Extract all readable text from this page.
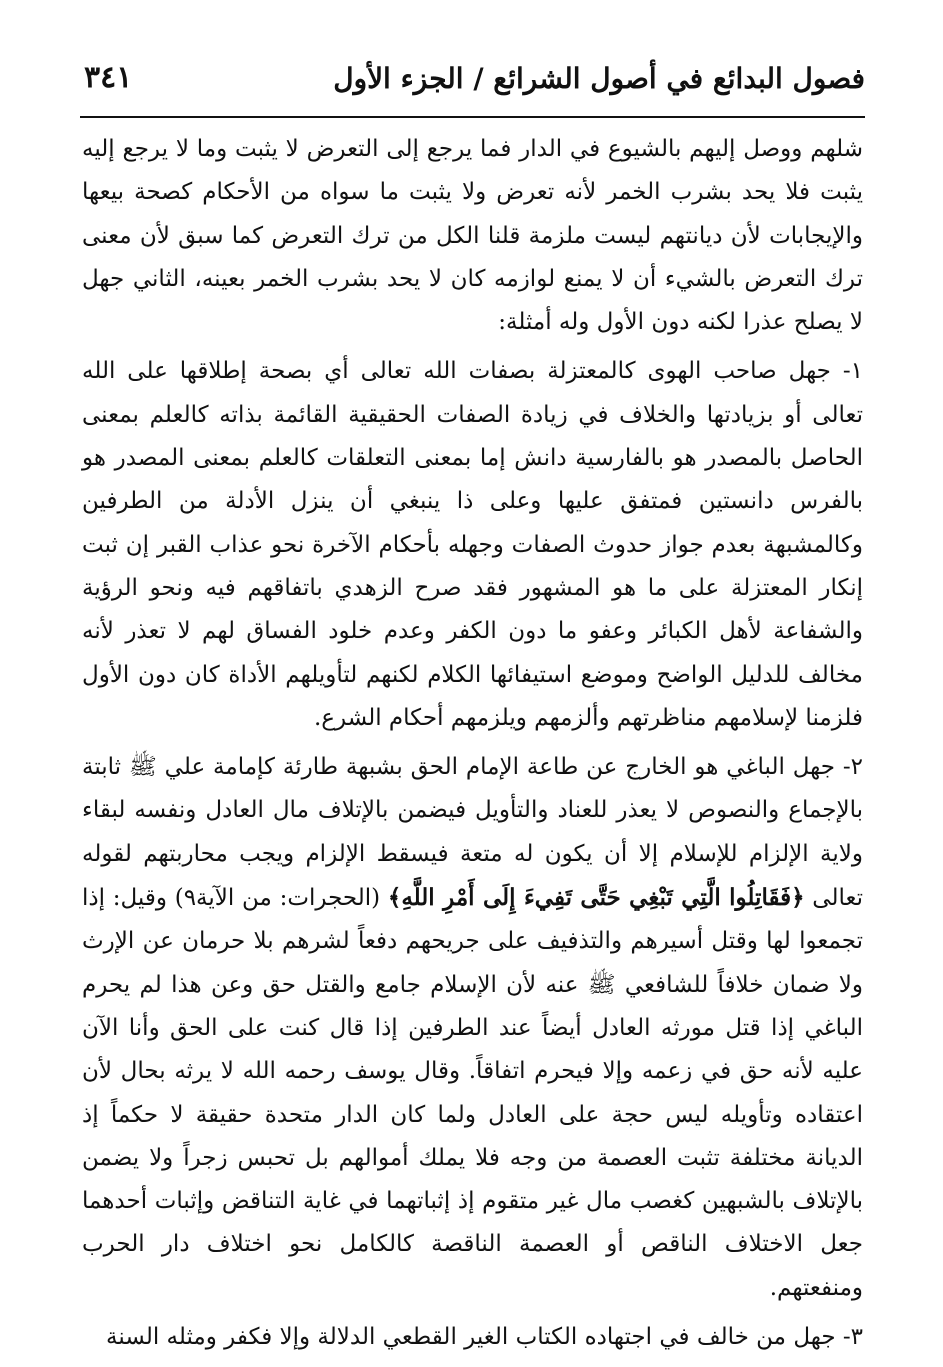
فصول البدائع في أصول الشرائع / الجزء الأول
٣٤١

شلهم ووصل إليهم بالشيوع في الدار فما يرجع إلى التعرض لا يثبت وما لا يرجع إليه يثبت فلا يحد بشرب الخمر لأنه تعرض ولا يثبت ما سواه من الأحكام كصحة بيعها والإيجابات لأن ديانتهم ليست ملزمة قلنا الكل من ترك التعرض كما سبق لأن معنى ترك التعرض بالشيء أن لا يمنع لوازمه كان لا يحد بشرب الخمر بعينه، الثاني جهل لا يصلح عذرا لكنه دون الأول وله أمثلة:

١- جهل صاحب الهوى كالمعتزلة بصفات الله تعالى أي بصحة إطلاقها على الله تعالى أو بزيادتها والخلاف في زيادة الصفات الحقيقية القائمة بذاته كالعلم بمعنى الحاصل بالمصدر هو بالفارسية دانش إما بمعنى التعلقات كالعلم بمعنى المصدر هو بالفرس دانستين فمتفق عليها وعلى ذا ينبغي أن ينزل الأدلة من الطرفين وكالمشبهة بعدم جواز حدوث الصفات وجهله بأحكام الآخرة نحو عذاب القبر إن ثبت إنكار المعتزلة على ما هو المشهور فقد صرح الزهدي باتفاقهم فيه ونحو الرؤية والشفاعة لأهل الكبائر وعفو ما دون الكفر وعدم خلود الفساق لهم لا تعذر لأنه مخالف للدليل الواضح وموضع استيفائها الكلام لكنهم لتأويلهم الأداة كان دون الأول فلزمنا لإسلامهم مناظرتهم وألزمهم ويلزمهم أحكام الشرع.

٢- جهل الباغي هو الخارج عن طاعة الإمام الحق بشبهة طارئة كإمامة علي ﷺ ثابتة بالإجماع والنصوص لا يعذر للعناد والتأويل فيضمن بالإتلاف مال العادل ونفسه لبقاء ولاية الإلزام للإسلام إلا أن يكون له متعة فيسقط الإلزام ويجب محاربتهم لقوله تعالى ﴿فَقَاتِلُوا الَّتِي تَبْغِي حَتَّى تَفِيءَ إِلَى أَمْرِ اللَّهِ﴾ (الحجرات: من الآية٩) وقيل: إذا تجمعوا لها وقتل أسيرهم والتذفيف على جريحهم دفعاً لشرهم بلا حرمان عن الإرث ولا ضمان خلافاً للشافعي ﷺ عنه لأن الإسلام جامع والقتل حق وعن هذا لم يحرم الباغي إذا قتل مورثه العادل أيضاً عند الطرفين إذا قال كنت على الحق وأنا الآن عليه لأنه حق في زعمه وإلا فيحرم اتفاقاً. وقال يوسف رحمه الله لا يرثه بحال لأن اعتقاده وتأويله ليس حجة على العادل ولما كان الدار متحدة حقيقة لا حكماً إذ الديانة مختلفة تثبت العصمة من وجه فلا يملك أموالهم بل تحبس زجراً ولا يضمن بالإتلاف بالشبهين كغصب مال غير متقوم إذ إثباتهما في غاية التناقض وإثبات أحدهما جعل الاختلاف الناقص أو العصمة الناقصة كالكامل نحو اختلاف دار الحرب ومنفعتهم.

٣- جهل من خالف في اجتهاده الكتاب الغير القطعي الدلالة وإلا فكفر ومثله السنة
